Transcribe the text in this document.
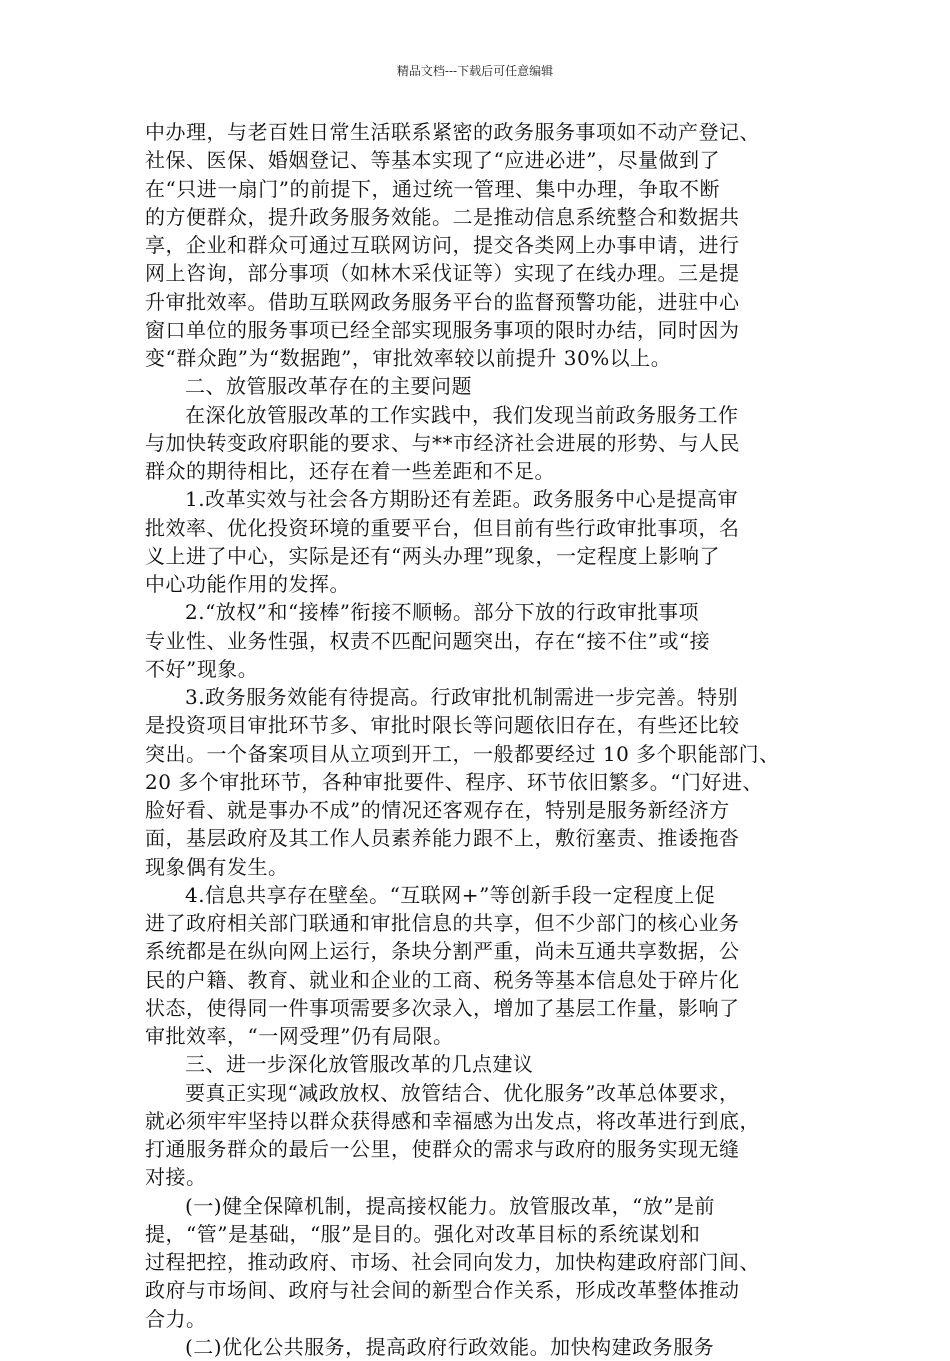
精品文档---下载后可任意编辑
中办理，与老百姓日常生活联系紧密的政务服务事项如不动产登记、
社保、医保、婚姻登记、等基本实现了“应进必进”，尽量做到了
在“只进一扇门”的前提下，通过统一管理、集中办理，争取不断
的方便群众，提升政务服务效能。二是推动信息系统整合和数据共
享，企业和群众可通过互联网访问，提交各类网上办事申请，进行
网上咨询，部分事项（如林木采伐证等）实现了在线办理。三是提
升审批效率。借助互联网政务服务平台的监督预警功能，进驻中心
窗口单位的服务事项已经全部实现服务事项的限时办结，同时因为
变“群众跑”为“数据跑”，审批效率较以前提升 30%以上。
二、放管服改革存在的主要问题
在深化放管服改革的工作实践中，我们发现当前政务服务工作
与加快转变政府职能的要求、与**市经济社会进展的形势、与人民
群众的期待相比，还存在着一些差距和不足。
1.改革实效与社会各方期盼还有差距。政务服务中心是提高审
批效率、优化投资环境的重要平台，但目前有些行政审批事项，名
义上进了中心，实际是还有“两头办理”现象，一定程度上影响了
中心功能作用的发挥。
2.“放权”和“接棒”衔接不顺畅。部分下放的行政审批事项
专业性、业务性强，权责不匹配问题突出，存在“接不住”或“接
不好”现象。
3.政务服务效能有待提高。行政审批机制需进一步完善。特别
是投资项目审批环节多、审批时限长等问题依旧存在，有些还比较
突出。一个备案项目从立项到开工，一般都要经过 10 多个职能部门、
20 多个审批环节，各种审批要件、程序、环节依旧繁多。“门好进、
脸好看、就是事办不成”的情况还客观存在，特别是服务新经济方
面，基层政府及其工作人员素养能力跟不上，敷衍塞责、推诿拖沓
现象偶有发生。
4.信息共享存在壁垒。“互联网+”等创新手段一定程度上促
进了政府相关部门联通和审批信息的共享，但不少部门的核心业务
系统都是在纵向网上运行，条块分割严重，尚未互通共享数据，公
民的户籍、教育、就业和企业的工商、税务等基本信息处于碎片化
状态，使得同一件事项需要多次录入，增加了基层工作量，影响了
审批效率，“一网受理”仍有局限。
三、进一步深化放管服改革的几点建议
要真正实现“减政放权、放管结合、优化服务”改革总体要求，
就必须牢牢坚持以群众获得感和幸福感为出发点，将改革进行到底，
打通服务群众的最后一公里，使群众的需求与政府的服务实现无缝
对接。
(一)健全保障机制，提高接权能力。放管服改革，“放”是前
提，“管”是基础，“服”是目的。强化对改革目标的系统谋划和
过程把控，推动政府、市场、社会同向发力，加快构建政府部门间、
政府与市场间、政府与社会间的新型合作关系，形成改革整体推动
合力。
(二)优化公共服务，提高政府行政效能。加快构建政务服务
